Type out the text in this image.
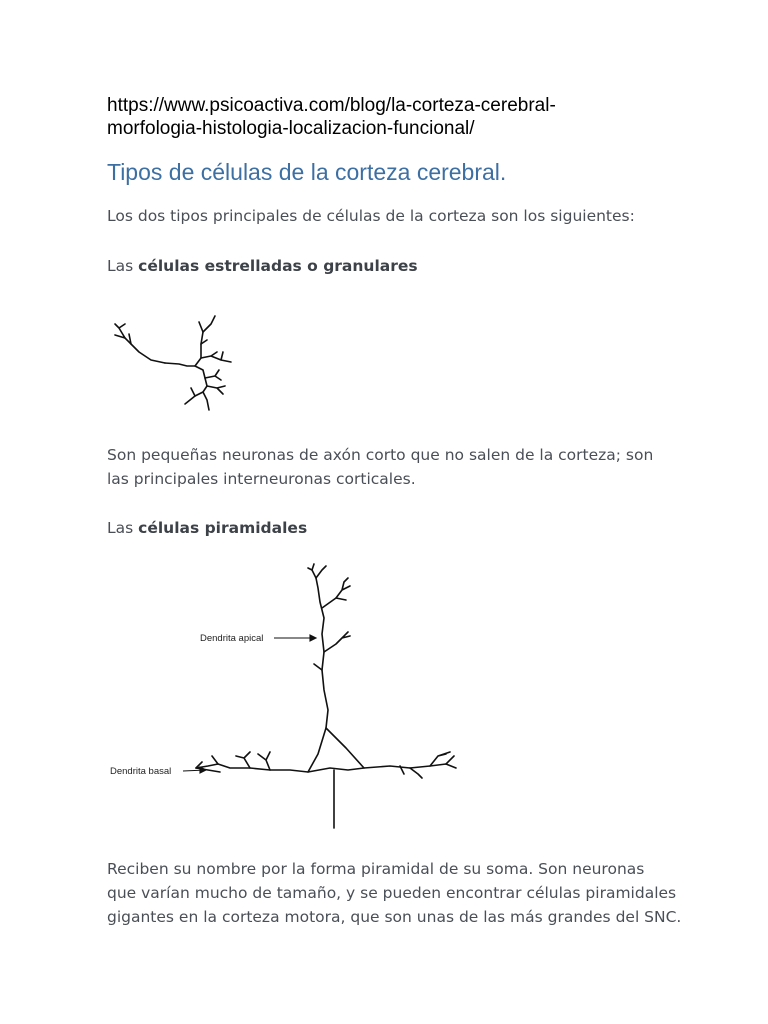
https://www.psicoactiva.com/blog/la-corteza-cerebral-
morfologia-histologia-localizacion-funcional/
Tipos de células de la corteza cerebral.

Los dos tipos principales de células de la corteza son los siguientes:

Las células estrelladas o granulares

Son pequeñas neuronas de axón corto que no salen de la corteza; son
las principales interneuronas corticales.

Las células piramidales

Dendrita apical
Dendrita basal

Reciben su nombre por la forma piramidal de su soma. Son neuronas
que varían mucho de tamaño, y se pueden encontrar células piramidales
gigantes en la corteza motora, que son unas de las más grandes del SNC.
